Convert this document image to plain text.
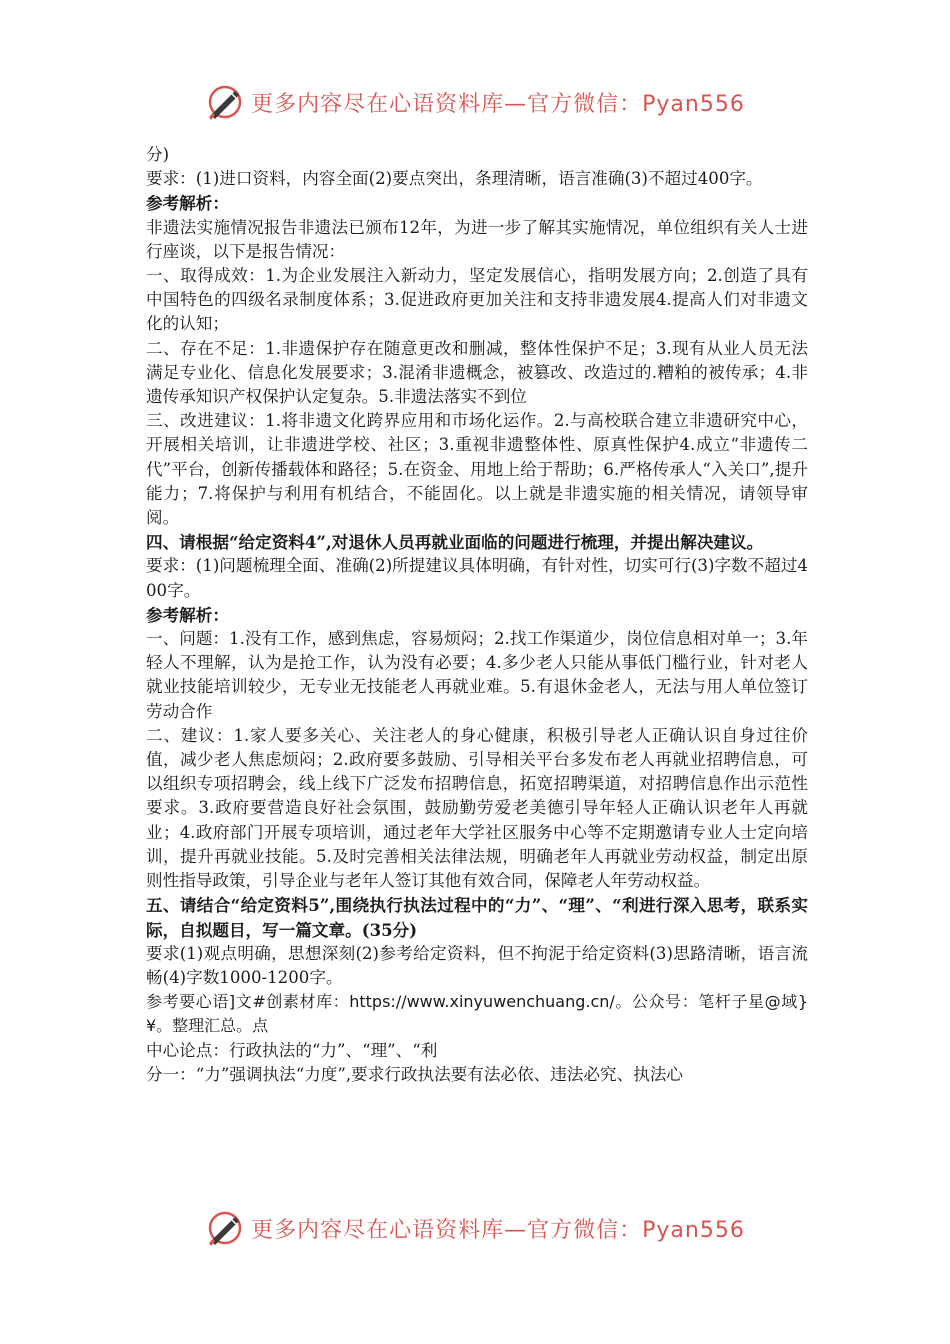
更多内容尽在心语资料库—官方微信：Pyan556

分)

要求：(1)进口资料，内容全面(2)要点突出，条理清晰，语言准确(3)不超过400字。

参考解析：

非遗法实施情况报告非遗法已颁布12年，为进一步了解其实施情况，单位组织有关人士进行座谈，以下是报告情况：

一、取得成效：1.为企业发展注入新动力，坚定发展信心，指明发展方向；2.创造了具有中国特色的四级名录制度体系；3.促进政府更加关注和支持非遗发展4.提高人们对非遗文化的认知；

二、存在不足：1.非遗保护存在随意更改和删减，整体性保护不足；3.现有从业人员无法满足专业化、信息化发展要求；3.混淆非遗概念，被篡改、改造过的.糟粕的被传承；4.非遗传承知识产权保护认定复杂。5.非遗法落实不到位

三、改进建议：1.将非遗文化跨界应用和市场化运作。2.与高校联合建立非遗研究中心，开展相关培训，让非遗进学校、社区；3.重视非遗整体性、原真性保护4.成立“非遗传二代”平台，创新传播载体和路径；5.在资金、用地上给于帮助；6.严格传承人“入关口”,提升能力；7.将保护与利用有机结合，不能固化。以上就是非遗实施的相关情况，请领导审阅。

四、请根据“给定资料4”,对退休人员再就业面临的问题进行梳理，并提出解决建议。

要求：(1)问题梳理全面、准确(2)所提建议具体明确，有针对性，切实可行(3)字数不超过400字。

参考解析：

一、问题：1.没有工作，感到焦虑，容易烦闷；2.找工作渠道少，岗位信息相对单一；3.年轻人不理解，认为是抢工作，认为没有必要；4.多少老人只能从事低门槛行业，针对老人就业技能培训较少，无专业无技能老人再就业难。5.有退休金老人，无法与用人单位签订劳动合作

二、建议：1.家人要多关心、关注老人的身心健康，积极引导老人正确认识自身过往价值，减少老人焦虑烦闷；2.政府要多鼓励、引导相关平台多发布老人再就业招聘信息，可以组织专项招聘会，线上线下广泛发布招聘信息，拓宽招聘渠道，对招聘信息作出示范性要求。3.政府要营造良好社会氛围，鼓励勤劳爱老美德引导年轻人正确认识老年人再就业；4.政府部门开展专项培训，通过老年大学社区服务中心等不定期邀请专业人士定向培训，提升再就业技能。5.及时完善相关法律法规，明确老年人再就业劳动权益，制定出原则性指导政策，引导企业与老年人签订其他有效合同，保障老人年劳动权益。

五、请结合“给定资料5”,围绕执行执法过程中的“力”、“理”、“利进行深入思考，联系实际，自拟题目，写一篇文章。(35分)

要求(1)观点明确，思想深刻(2)参考给定资料，但不拘泥于给定资料(3)思路清晰，语言流畅(4)字数1000-1200字。

参考要心语]文#创素材库：https://www.xinyuwenchuang.cn/。公众号：笔杆子星@域}¥。整理汇总。点

中心论点：行政执法的“力”、“理”、“利

分一：“力”强调执法“力度”,要求行政执法要有法必依、违法必究、执法心

更多内容尽在心语资料库—官方微信：Pyan556
